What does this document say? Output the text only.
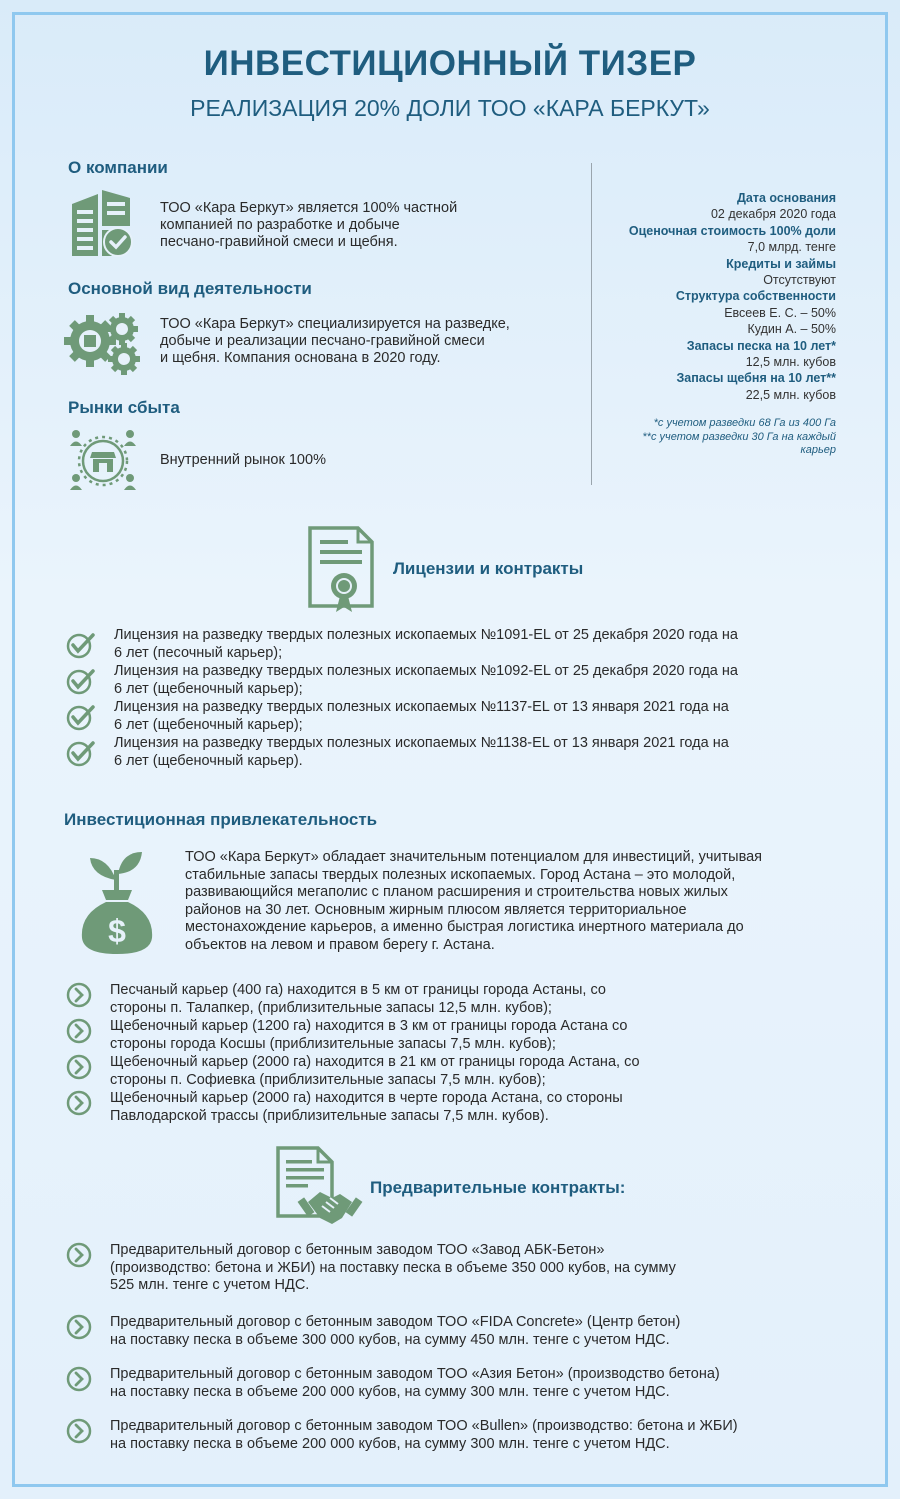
ИНВЕСТИЦИОННЫЙ ТИЗЕР
РЕАЛИЗАЦИЯ 20% ДОЛИ ТОО «КАРА БЕРКУТ»
О компании
ТОО «Кара Беркут» является 100% частной
компанией по разработке и добыче
песчано-гравийной смеси и щебня.
Основной вид деятельности
ТОО «Кара Беркут» специализируется на разведке,
добыче и реализации песчано-гравийной смеси
и щебня. Компания основана в 2020 году.
Рынки сбыта
Внутренний рынок 100%
Дата основания
02 декабря 2020 года
Оценочная стоимость 100% доли
7,0 млрд. тенге
Кредиты и займы
Отсутствуют
Структура собственности
Евсеев Е. С. – 50%
Кудин А. – 50%
Запасы песка на 10 лет*
12,5 млн. кубов
Запасы щебня на 10 лет**
22,5 млн. кубов
*с учетом разведки 68 Га из 400 Га
**с учетом разведки 30 Га на каждый
карьер
Лицензии и контракты
Лицензия на разведку твердых полезных ископаемых №1091-EL от 25 декабря 2020 года на
6 лет (песочный карьер);
Лицензия на разведку твердых полезных ископаемых №1092-EL от 25 декабря 2020 года на
6 лет (щебеночный карьер);
Лицензия на разведку твердых полезных ископаемых №1137-EL от 13 января 2021 года на
6 лет (щебеночный карьер);
Лицензия на разведку твердых полезных ископаемых №1138-EL от 13 января 2021 года на
6 лет (щебеночный карьер).
Инвестиционная привлекательность
$
ТОО «Кара Беркут» обладает значительным потенциалом для инвестиций, учитывая
стабильные запасы твердых полезных ископаемых. Город Астана – это молодой,
развивающийся мегаполис с планом расширения и строительства новых жилых
районов на 30 лет. Основным жирным плюсом является территориальное
местонахождение карьеров, а именно быстрая логистика инертного материала до
объектов на левом и правом берегу г. Астана.
Песчаный карьер (400 га) находится в 5 км от границы города Астаны, со
стороны п. Талапкер, (приблизительные запасы 12,5 млн. кубов);
Щебеночный карьер (1200 га) находится в 3 км от границы города Астана со
стороны города Косшы (приблизительные запасы 7,5 млн. кубов);
Щебеночный карьер (2000 га) находится в 21 км от границы города Астана, со
стороны п. Софиевка (приблизительные запасы 7,5 млн. кубов);
Щебеночный карьер (2000 га) находится в черте города Астана, со стороны
Павлодарской трассы (приблизительные запасы 7,5 млн. кубов).
Предварительные контракты:
Предварительный договор с бетонным заводом ТОО «Завод АБК-Бетон»
(производство: бетона и ЖБИ) на поставку песка в объеме 350 000 кубов, на сумму
525 млн. тенге с учетом НДС.
Предварительный договор с бетонным заводом ТОО «FIDA Concrete» (Центр бетон)
на поставку песка в объеме 300 000 кубов, на сумму 450 млн. тенге с учетом НДС.
Предварительный договор с бетонным заводом ТОО «Азия Бетон» (производство бетона)
на поставку песка в объеме 200 000 кубов, на сумму 300 млн. тенге с учетом НДС.
Предварительный договор с бетонным заводом ТОО «Bullen» (производство: бетона и ЖБИ)
на поставку песка в объеме 200 000 кубов, на сумму 300 млн. тенге с учетом НДС.
